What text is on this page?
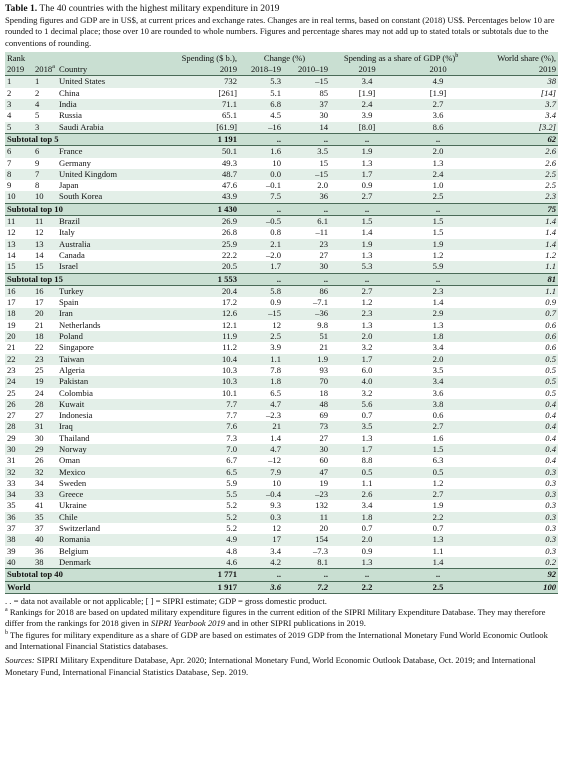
Table 1. The 40 countries with the highest military expenditure in 2019

Spending figures and GDP are in US$, at current prices and exchange rates. Changes are in real terms, based on constant (2018) US$. Percentages below 10 are rounded to 1 decimal place; those over 10 are rounded to whole numbers. Figures and percentage shares may not add up to stated totals or subtotals due to the conventions of rounding.

Rank			Spending ($ b.),	Change (%)		Spending as a share of GDP (%)$^b$		World share (%),
2019	2018$^a$	Country	2019	2018–19	2010–19	2019	2010	2019
1	1	United States	732	5.3	–15	3.4	4.9	38
2	2	China	[261]	5.1	85	[1.9]	[1.9]	[14]
3	4	India	71.1	6.8	37	2.4	2.7	3.7
4	5	Russia	65.1	4.5	30	3.9	3.6	3.4
5	3	Saudi Arabia	[61.9]	–16	14	[8.0]	8.6	[3.2]
Subtotal top 5			1 191	..	..	..	..	62
6	6	France	50.1	1.6	3.5	1.9	2.0	2.6
7	9	Germany	49.3	10	15	1.3	1.3	2.6
8	7	United Kingdom	48.7	0.0	–15	1.7	2.4	2.5
9	8	Japan	47.6	–0.1	2.0	0.9	1.0	2.5
10	10	South Korea	43.9	7.5	36	2.7	2.5	2.3
Subtotal top 10			1 430	..	..	..	..	75
11	11	Brazil	26.9	–0.5	6.1	1.5	1.5	1.4
12	12	Italy	26.8	0.8	–11	1.4	1.5	1.4
13	13	Australia	25.9	2.1	23	1.9	1.9	1.4
14	14	Canada	22.2	–2.0	27	1.3	1.2	1.2
15	15	Israel	20.5	1.7	30	5.3	5.9	1.1
Subtotal top 15			1 553	..	..	..	..	81
16	16	Turkey	20.4	5.8	86	2.7	2.3	1.1
17	17	Spain	17.2	0.9	–7.1	1.2	1.4	0.9
18	20	Iran	12.6	–15	–36	2.3	2.9	0.7
19	21	Netherlands	12.1	12	9.8	1.3	1.3	0.6
20	18	Poland	11.9	2.5	51	2.0	1.8	0.6
21	22	Singapore	11.2	3.9	21	3.2	3.4	0.6
22	23	Taiwan	10.4	1.1	1.9	1.7	2.0	0.5
23	25	Algeria	10.3	7.8	93	6.0	3.5	0.5
24	19	Pakistan	10.3	1.8	70	4.0	3.4	0.5
25	24	Colombia	10.1	6.5	18	3.2	3.6	0.5
26	28	Kuwait	7.7	4.7	48	5.6	3.8	0.4
27	27	Indonesia	7.7	–2.3	69	0.7	0.6	0.4
28	31	Iraq	7.6	21	73	3.5	2.7	0.4
29	30	Thailand	7.3	1.4	27	1.3	1.6	0.4
30	29	Norway	7.0	4.7	30	1.7	1.5	0.4
31	26	Oman	6.7	–12	60	8.8	6.3	0.4
32	32	Mexico	6.5	7.9	47	0.5	0.5	0.3
33	34	Sweden	5.9	10	19	1.1	1.2	0.3
34	33	Greece	5.5	–0.4	–23	2.6	2.7	0.3
35	41	Ukraine	5.2	9.3	132	3.4	1.9	0.3
36	35	Chile	5.2	0.3	11	1.8	2.2	0.3
37	37	Switzerland	5.2	12	20	0.7	0.7	0.3
38	40	Romania	4.9	17	154	2.0	1.3	0.3
39	36	Belgium	4.8	3.4	–7.3	0.9	1.1	0.3
40	38	Denmark	4.6	4.2	8.1	1.3	1.4	0.2
Subtotal top 40			1 771	..	..	..	..	92
World			1 917	3.6	7.2	2.2	2.5	100

. . = data not available or not applicable; [ ] = SIPRI estimate; GDP = gross domestic product.

$^a$ Rankings for 2018 are based on updated military expenditure figures in the current edition of the SIPRI Military Expenditure Database. They may therefore differ from the rankings for 2018 given in SIPRI Yearbook 2019 and in other SIPRI publications in 2019.

$^b$ The figures for military expenditure as a share of GDP are based on estimates of 2019 GDP from the International Monetary Fund World Economic Outlook and International Financial Statistics databases.

Sources: SIPRI Military Expenditure Database, Apr. 2020; International Monetary Fund, World Economic Outlook Database, Oct. 2019; and International Monetary Fund, International Financial Statistics Database, Sep. 2019.
